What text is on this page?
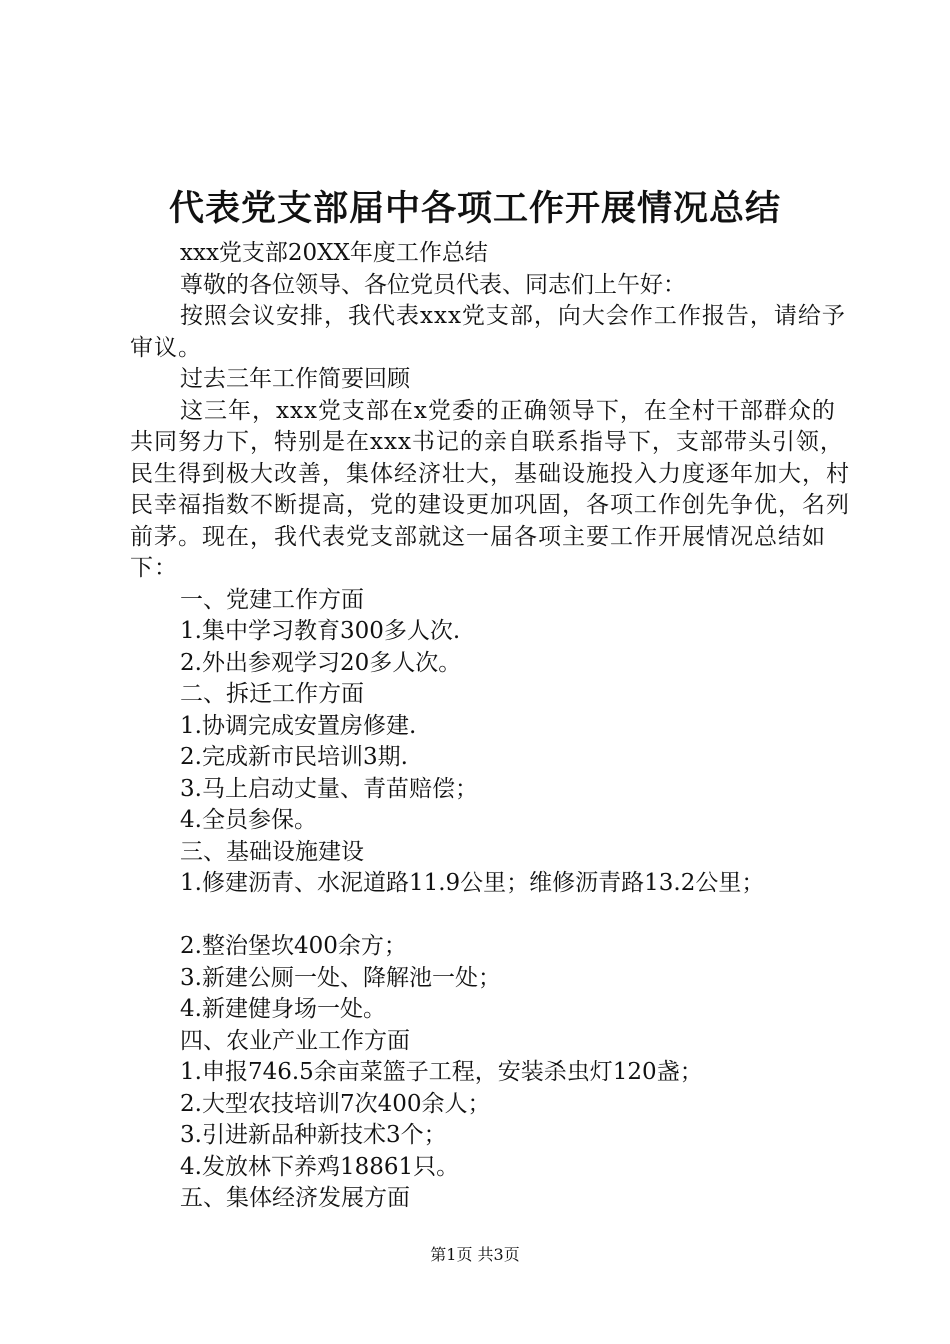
代表党支部届中各项工作开展情况总结

xxx党支部20XX年度工作总结

尊敬的各位领导、各位党员代表、同志们上午好：

按照会议安排，我代表xxx党支部，向大会作工作报告，请给予审议。

过去三年工作简要回顾

这三年，xxx党支部在x党委的正确领导下，在全村干部群众的共同努力下，特别是在xxx书记的亲自联系指导下，支部带头引领，民生得到极大改善，集体经济壮大，基础设施投入力度逐年加大，村民幸福指数不断提高，党的建设更加巩固，各项工作创先争优，名列前茅。现在，我代表党支部就这一届各项主要工作开展情况总结如下：

一、党建工作方面

1.集中学习教育300多人次.

2.外出参观学习20多人次。

二、拆迁工作方面

1.协调完成安置房修建.

2.完成新市民培训3期.

3.马上启动丈量、青苗赔偿；

4.全员参保。

三、基础设施建设

1.修建沥青、水泥道路11.9公里；维修沥青路13.2公里；

2.整治堡坎400余方；

3.新建公厕一处、降解池一处；

4.新建健身场一处。

四、农业产业工作方面

1.申报746.5余亩菜篮子工程，安装杀虫灯120盏；

2.大型农技培训7次400余人；

3.引进新品种新技术3个；

4.发放林下养鸡18861只。

五、集体经济发展方面

第1页 共3页
